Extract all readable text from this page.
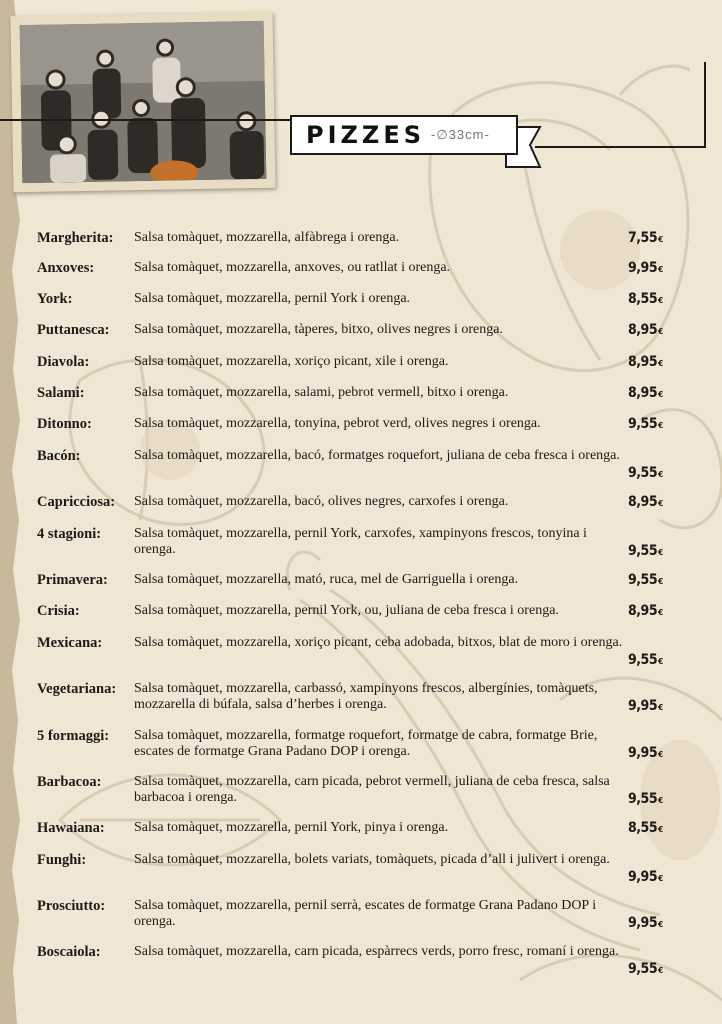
PIZZES -∅33cm-
Margherita: Salsa tomàquet, mozzarella, alfàbrega i orenga.	7,55€
Anxoves:	Salsa tomàquet, mozzarella, anxoves, ou ratllat i orenga.	9,95€
York:	Salsa tomàquet, mozzarella, pernil York i orenga.	8,55€
Puttanesca: Salsa tomàquet, mozzarella, tàperes, bitxo, olives negres i orenga.	8,95€
Diavola:	Salsa tomàquet, mozzarella, xoriço picant, xile i orenga.	8,95€
Salami:	Salsa tomàquet, mozzarella, salami, pebrot vermell, bitxo i orenga.	8,95€
Ditonno:	Salsa tomàquet, mozzarella, tonyina, pebrot verd, olives negres i orenga.	9,55€
Bacón:	Salsa tomàquet, mozzarella, bacó, formatges roquefort, juliana de ceba fresca i orenga.
9,55€
Capricciosa: Salsa tomàquet, mozzarella, bacó, olives negres, carxofes i orenga.	8,95€
4 stagioni: Salsa tomàquet, mozzarella, pernil York, carxofes, xampinyons frescos, tonyina i orenga.	9,55€
Primavera: Salsa tomàquet, mozzarella, mató, ruca, mel de Garriguella i orenga.	9,55€
Crisia:	Salsa tomàquet, mozzarella, pernil York, ou, juliana de ceba fresca i orenga.	8,95€
Mexicana: Salsa tomàquet, mozzarella, xoriço picant, ceba adobada, bitxos, blat de moro i orenga.
9,55€
Vegetariana: Salsa tomàquet, mozzarella, carbassó, xampinyons frescos, albergínies, tomàquets, mozzarella di búfala, salsa d’herbes i orenga.	9,95€
5 formaggi: Salsa tomàquet, mozzarella, formatge roquefort, formatge de cabra, formatge Brie, escates de formatge Grana Padano DOP i orenga.	9,95€
Barbacoa: Salsa tomàquet, mozzarella, carn picada, pebrot vermell, juliana de ceba fresca, salsa barbacoa i orenga.	9,55€
Hawaiana: Salsa tomàquet, mozzarella, pernil York, pinya i orenga.	8,55€
Funghi:	Salsa tomàquet, mozzarella, bolets variats, tomàquets, picada d’all i julivert i orenga.
9,95€
Prosciutto: Salsa tomàquet, mozzarella, pernil serrà, escates de formatge Grana Padano DOP i orenga.	9,95€
Boscaiola: Salsa tomàquet, mozzarella, carn picada, espàrrecs verds, porro fresc, romaní i orenga.
9,55€
